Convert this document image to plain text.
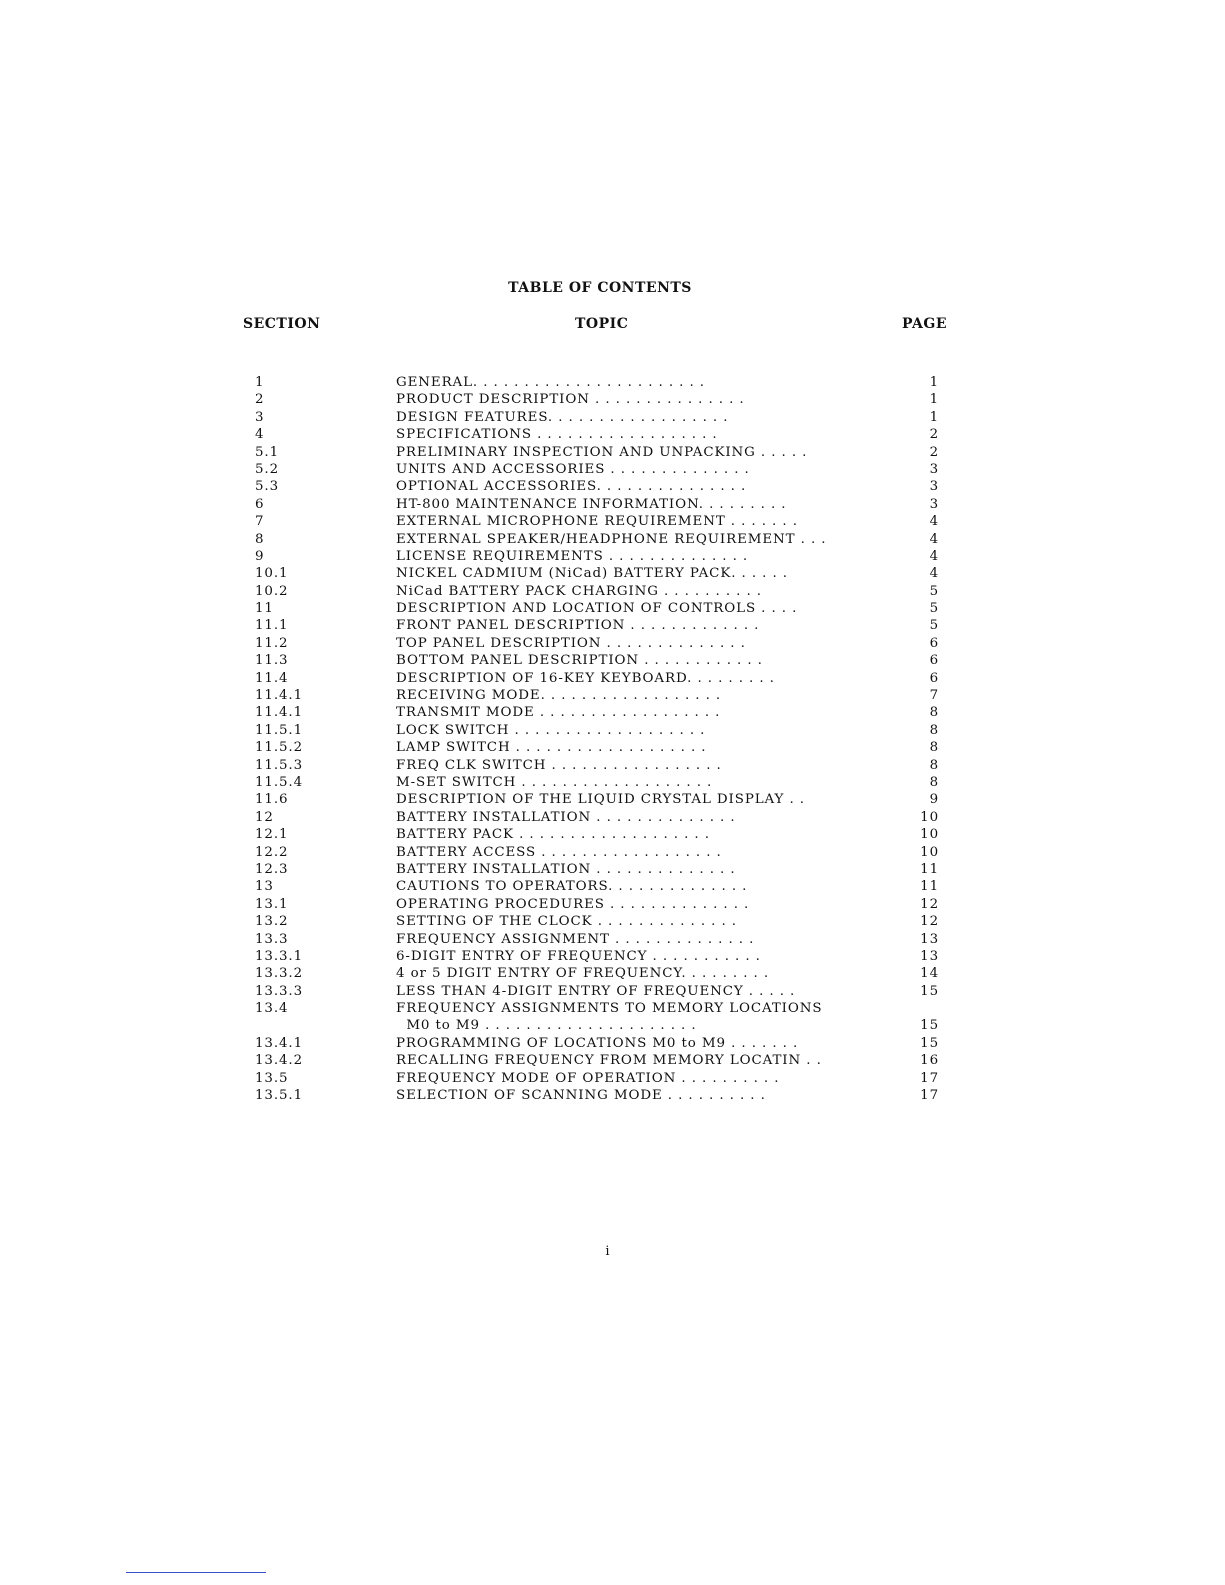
TABLE OF CONTENTS
SECTION	TOPIC	PAGE
1	GENERAL. . . . . . . . . . . . . . . . . . . . . . .	1
2	PRODUCT DESCRIPTION . . . . . . . . . . . . . . .	1
3	DESIGN FEATURES. . . . . . . . . . . . . . . . . .	1
4	SPECIFICATIONS . . . . . . . . . . . . . . . . . .	2
5.1	PRELIMINARY INSPECTION AND UNPACKING . . . . .	2
5.2	UNITS AND ACCESSORIES . . . . . . . . . . . . . .	3
5.3	OPTIONAL ACCESSORIES. . . . . . . . . . . . . . .	3
6	HT-800 MAINTENANCE INFORMATION. . . . . . . . .	3
7	EXTERNAL MICROPHONE REQUIREMENT . . . . . . .	4
8	EXTERNAL SPEAKER/HEADPHONE REQUIREMENT . . .	4
9	LICENSE REQUIREMENTS . . . . . . . . . . . . . .	4
10.1	NICKEL CADMIUM (NiCad) BATTERY PACK. . . . . .	4
10.2	NiCad BATTERY PACK CHARGING . . . . . . . . . .	5
11	DESCRIPTION AND LOCATION OF CONTROLS . . . .	5
11.1	FRONT PANEL DESCRIPTION . . . . . . . . . . . . .	5
11.2	TOP PANEL DESCRIPTION . . . . . . . . . . . . . .	6
11.3	BOTTOM PANEL DESCRIPTION . . . . . . . . . . . .	6
11.4	DESCRIPTION OF 16-KEY KEYBOARD. . . . . . . . .	6
11.4.1	RECEIVING MODE. . . . . . . . . . . . . . . . . .	7
11.4.1	TRANSMIT MODE . . . . . . . . . . . . . . . . . .	8
11.5.1	LOCK SWITCH . . . . . . . . . . . . . . . . . . .	8
11.5.2	LAMP SWITCH . . . . . . . . . . . . . . . . . . .	8
11.5.3	FREQ CLK SWITCH . . . . . . . . . . . . . . . . .	8
11.5.4	M-SET SWITCH . . . . . . . . . . . . . . . . . . .	8
11.6	DESCRIPTION OF THE LIQUID CRYSTAL DISPLAY . .	9
12	BATTERY INSTALLATION . . . . . . . . . . . . . .	10
12.1	BATTERY PACK . . . . . . . . . . . . . . . . . . .	10
12.2	BATTERY ACCESS . . . . . . . . . . . . . . . . . .	10
12.3	BATTERY INSTALLATION . . . . . . . . . . . . . .	11
13	CAUTIONS TO OPERATORS. . . . . . . . . . . . . .	11
13.1	OPERATING PROCEDURES . . . . . . . . . . . . . .	12
13.2	SETTING OF THE CLOCK . . . . . . . . . . . . . .	12
13.3	FREQUENCY ASSIGNMENT . . . . . . . . . . . . . .	13
13.3.1	6-DIGIT ENTRY OF FREQUENCY . . . . . . . . . . .	13
13.3.2	4 or 5 DIGIT ENTRY OF FREQUENCY. . . . . . . . .	14
13.3.3	LESS THAN 4-DIGIT ENTRY OF FREQUENCY . . . . .	15
13.4	FREQUENCY ASSIGNMENTS TO MEMORY LOCATIONS
M0 to M9 . . . . . . . . . . . . . . . . . . . . .	15
13.4.1	PROGRAMMING OF LOCATIONS M0 to M9 . . . . . . .	15
13.4.2	RECALLING FREQUENCY FROM MEMORY LOCATIN . .	16
13.5	FREQUENCY MODE OF OPERATION . . . . . . . . . .	17
13.5.1	SELECTION OF SCANNING MODE . . . . . . . . . .	17
i
